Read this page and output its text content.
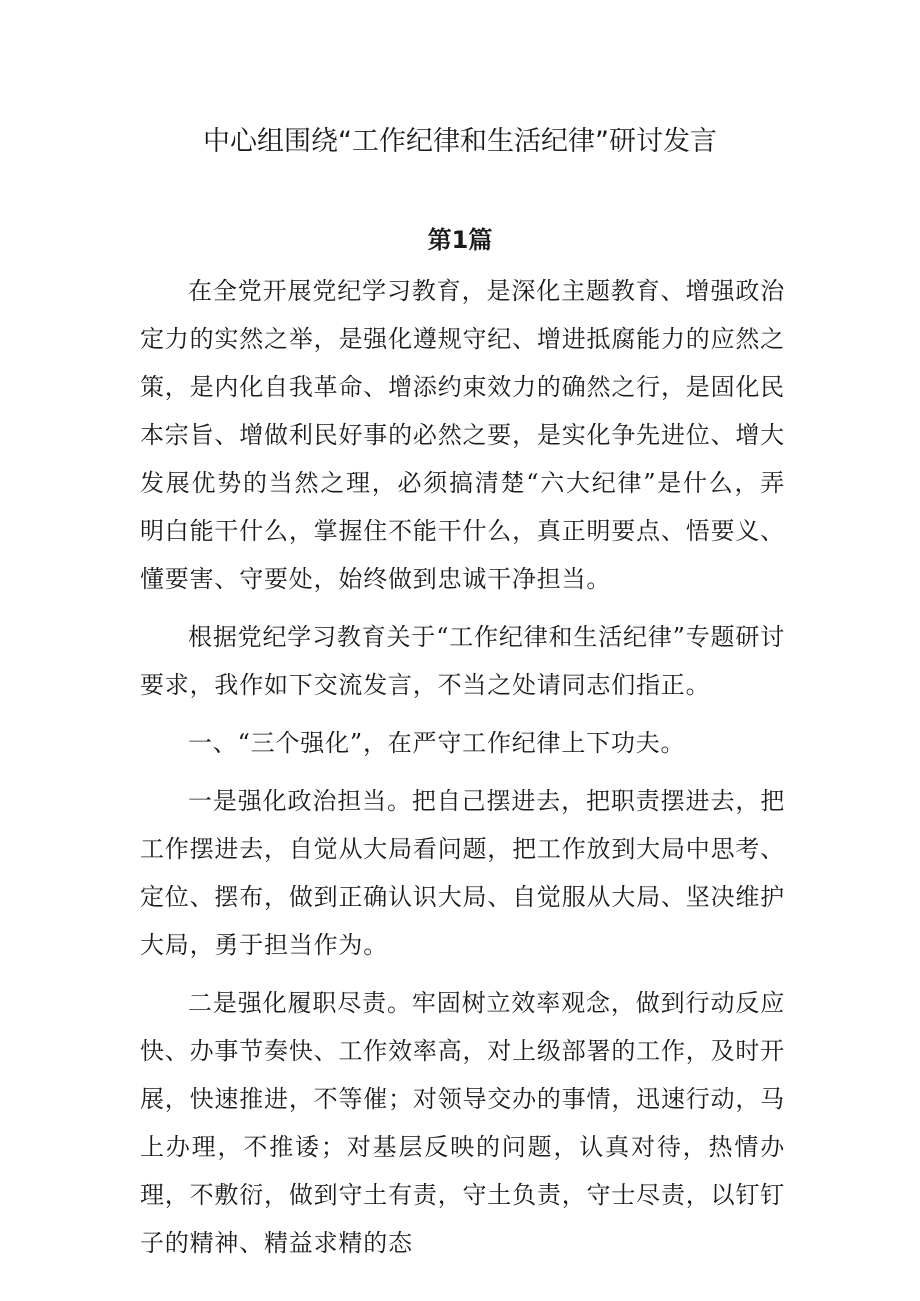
中心组围绕“工作纪律和生活纪律”研讨发言
第1篇

在全党开展党纪学习教育，是深化主题教育、增强政治定力的实然之举，是强化遵规守纪、增进抵腐能力的应然之策，是内化自我革命、增添约束效力的确然之行，是固化民本宗旨、增做利民好事的必然之要，是实化争先进位、增大发展优势的当然之理，必须搞清楚“六大纪律”是什么，弄明白能干什么，掌握住不能干什么，真正明要点、悟要义、懂要害、守要处，始终做到忠诚干净担当。

根据党纪学习教育关于“工作纪律和生活纪律”专题研讨要求，我作如下交流发言，不当之处请同志们指正。

一、“三个强化”，在严守工作纪律上下功夫。

一是强化政治担当。把自己摆进去，把职责摆进去，把工作摆进去，自觉从大局看问题，把工作放到大局中思考、定位、摆布，做到正确认识大局、自觉服从大局、坚决维护大局，勇于担当作为。

二是强化履职尽责。牢固树立效率观念，做到行动反应快、办事节奏快、工作效率高，对上级部署的工作，及时开展，快速推进，不等催；对领导交办的事情，迅速行动，马上办理，不推诿；对基层反映的问题，认真对待，热情办理，不敷衍，做到守土有责，守土负责，守士尽责，以钉钉子的精神、精益求精的态
